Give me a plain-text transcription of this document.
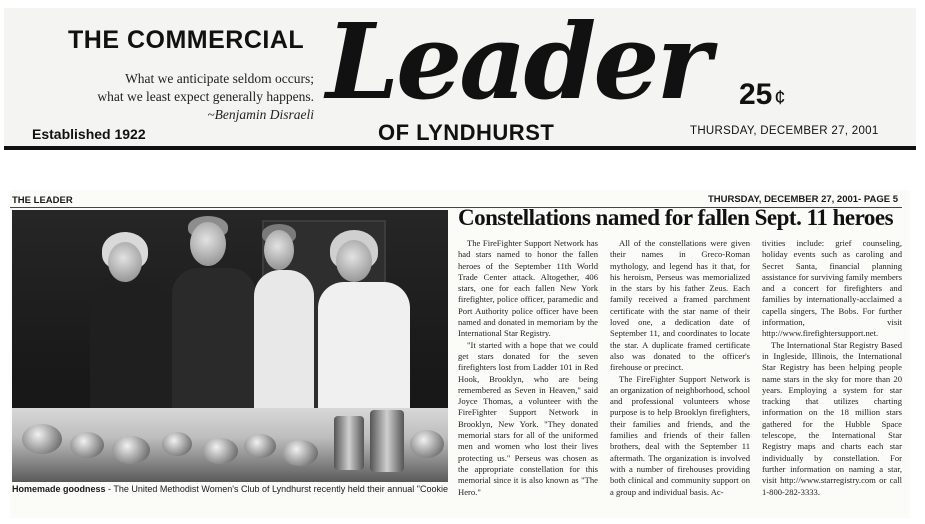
THE COMMERCIAL
What we anticipate seldom occurs;
what we least expect generally happens.
~Benjamin Disraeli Leader
OF LYNDHURST
25 ¢
Established 1922	THURSDAY, DECEMBER 27, 2001
THE LEADER	THURSDAY, DECEMBER 27, 2001- PAGE 5
Homemade goodness - The United Methodist Women's Club of Lyndhurst recently held their annual "Cookie
Constellations named for fallen Sept. 11 heroes

The FireFighter Support Network has had stars named to honor the fallen heroes of the September 11th World Trade Center attack. Altogether, 406 stars, one for each fallen New York firefighter, police officer, paramedic and Port Authority police officer have been named and donated in memoriam by the International Star Registry.

"It started with a hope that we could get stars donated for the seven firefighters lost from Ladder 101 in Red Hook, Brooklyn, who are being remembered as Seven in Heaven," said Joyce Thomas, a volunteer with the FireFighter Support Network in Brooklyn, New York. "They donated memorial stars for all of the uniformed men and women who lost their lives protecting us." Perseus was chosen as the appropriate constellation for this memorial since it is also known as "The Hero."

All of the constellations were given their names in Greco-Roman mythology, and legend has it that, for his heroism, Perseus was memorialized in the stars by his father Zeus. Each family received a framed parchment certificate with the star name of their loved one, a dedication date of September 11, and coordinates to locate the star. A duplicate framed certificate also was donated to the officer's firehouse or precinct.

The FireFighter Support Network is an organization of neighborhood, school and professional volunteers whose purpose is to help Brooklyn firefighters, their families and friends, and the families and friends of their fallen brothers, deal with the September 11 aftermath. The organization is involved with a number of firehouses providing both clinical and community support on a group and individual basis. Ac-

tivities include: grief counseling, holiday events such as caroling and Secret Santa, financial planning assistance for surviving family members and a concert for firefighters and families by internationally-acclaimed a capella singers, The Bobs. For further information, visit http://www.firefightersupport.net.

The International Star Registry Based in Ingleside, Illinois, the International Star Registry has been helping people name stars in the sky for more than 20 years. Employing a system for star tracking that utilizes charting information on the 18 million stars gathered for the Hubble Space telescope, the International Star Registry maps and charts each star individually by constellation. For further information on naming a star, visit http://www.starregistry.com or call 1-800-282-3333.
